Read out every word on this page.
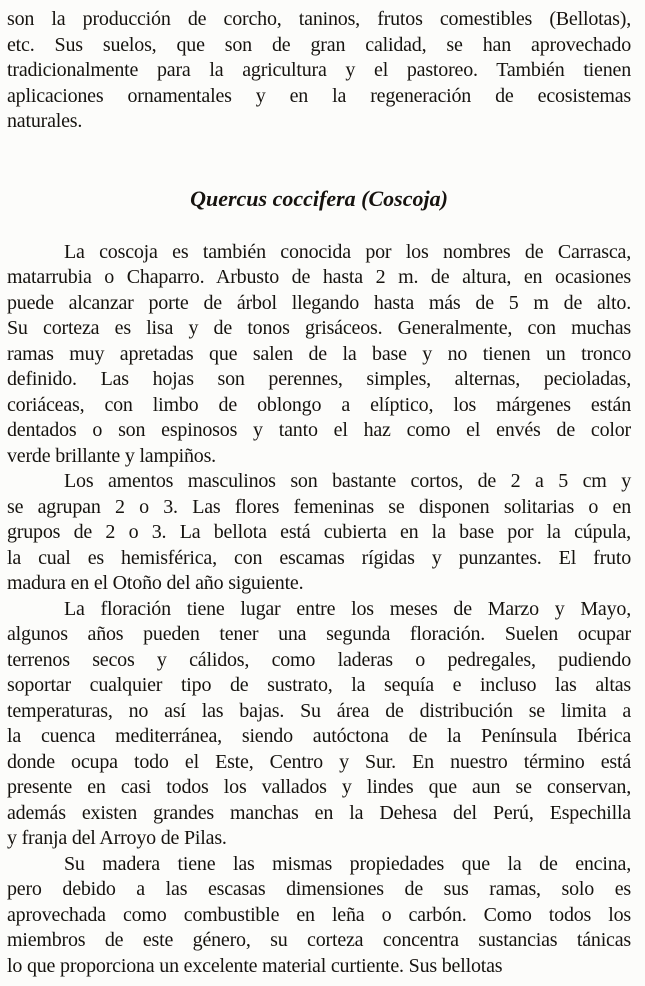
son la producción de corcho, taninos, frutos comestibles (Bellotas),
etc. Sus suelos, que son de gran calidad, se han aprovechado
tradicionalmente para la agricultura y el pastoreo. También tienen
aplicaciones ornamentales y en la regeneración de ecosistemas
naturales.

Quercus coccifera (Coscoja)

La coscoja es también conocida por los nombres de Carrasca,
matarrubia o Chaparro. Arbusto de hasta 2 m. de altura, en ocasiones
puede alcanzar porte de árbol llegando hasta más de 5 m de alto.
Su corteza es lisa y de tonos grisáceos. Generalmente, con muchas
ramas muy apretadas que salen de la base y no tienen un tronco
definido. Las hojas son perennes, simples, alternas, pecioladas,
coriáceas, con limbo de oblongo a elíptico, los márgenes están
dentados o son espinosos y tanto el haz como el envés de color
verde brillante y lampiños.

Los amentos masculinos son bastante cortos, de 2 a 5 cm y
se agrupan 2 o 3. Las flores femeninas se disponen solitarias o en
grupos de 2 o 3. La bellota está cubierta en la base por la cúpula,
la cual es hemisférica, con escamas rígidas y punzantes. El fruto
madura en el Otoño del año siguiente.

La floración tiene lugar entre los meses de Marzo y Mayo,
algunos años pueden tener una segunda floración. Suelen ocupar
terrenos secos y cálidos, como laderas o pedregales, pudiendo
soportar cualquier tipo de sustrato, la sequía e incluso las altas
temperaturas, no así las bajas. Su área de distribución se limita a
la cuenca mediterránea, siendo autóctona de la Península Ibérica
donde ocupa todo el Este, Centro y Sur. En nuestro término está
presente en casi todos los vallados y lindes que aun se conservan,
además existen grandes manchas en la Dehesa del Perú, Espechilla
y franja del Arroyo de Pilas.

Su madera tiene las mismas propiedades que la de encina,
pero debido a las escasas dimensiones de sus ramas, solo es
aprovechada como combustible en leña o carbón. Como todos los
miembros de este género, su corteza concentra sustancias tánicas
lo que proporciona un excelente material curtiente. Sus bellotas
